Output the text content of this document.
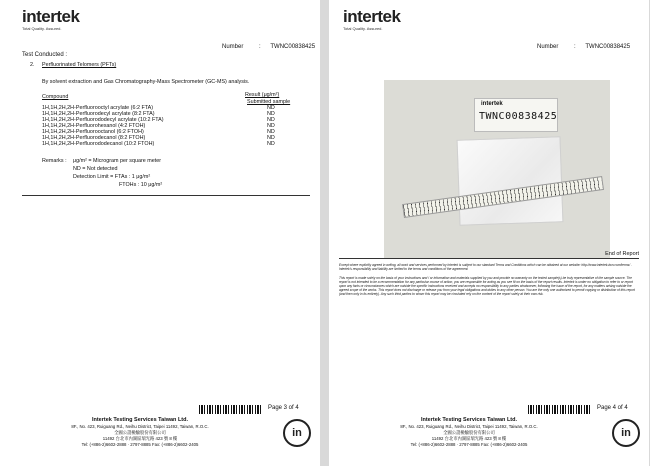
intertek
Total Quality. Assured.
Number	: TWNC00838425
Test Conducted :
2. Perfluorinated Telomers (PFTs)
By solvent extraction and Gas Chromatography-Mass Spectrometer (GC-MS) analysis.
Compound	Result (μg/m²)
Submitted sample
1H,1H,2H,2H-Perfluorooctyl acrylate (6:2 FTA)	ND
1H,1H,2H,2H-Perfluorodecyl acrylate (8:2 FTA)	ND
1H,1H,2H,2H-Perfluorododecyl acrylate (10:2 FTA)	ND
1H,1H,2H,2H-Perfluorohexanol (4:2 FTOH)	ND
1H,1H,2H,2H-Perfluorooctanol (6:2 FTOH)	ND
1H,1H,2H,2H-Perfluorodecanol (8:2 FTOH)	ND
1H,1H,2H,2H-Perfluorododecanol (10:2 FTOH)	ND
Remarks : μg/m² = Microgram per square meter
ND = Not detected
Detection Limit = FTAs : 1 μg/m²
FTOHs : 10 μg/m²
Page 3 of 4
Intertek Testing Services Taiwan Ltd.
8F., No. 423, Ruiguang Rd., Neihu District, Taipei 11492, Taiwan, R.O.C.
全國公證檢驗股份有限公司
11492 台北市內湖區瑞光路 423 號 8 樓
Tel: (+886-2)6602-2888 · 2797-8885 Fax: (+886-2)6602-2405
in
intertek
Total Quality. Assured.
Number	: TWNC00838425
intertek
TWNC00838425
End of Report
Except where explicitly agreed in writing, all work and services performed by Intertek is subject to our standard Terms and Conditions which can be obtained at our website: http://www.intertek-twn.com/terms/ . Intertek's responsibility and liability are limited to the terms and conditions of the agreement.
This report is made solely on the basis of your instructions and / or information and materials supplied by you and provide no warranty on the tested sample(s) be truly representative of the sample source. The report is not intended to be a recommendation for any particular course of action, you are responsible for acting as you see fit on the basis of the report results. Intertek is under no obligation to refer to or report upon any facts or circumstances which are outside the specific instructions received and accepts no responsibility to any parties whatsoever, following the issue of the report, for any matters arising outside the agreed scope of the works. This report does not discharge or release you from your legal obligations and duties to any other person. You are the only one authorized to permit copying or distribution of this report (and then only in its entirety). Any such third parties to whom this report may be circulated rely on the content of the report solely at their own risk.
Page 4 of 4
Intertek Testing Services Taiwan Ltd.
8F., No. 423, Ruiguang Rd., Neihu District, Taipei 11492, Taiwan, R.O.C.
全國公證檢驗股份有限公司
11492 台北市內湖區瑞光路 423 號 8 樓
Tel: (+886-2)6602-2888 · 2797-8885 Fax: (+886-2)6602-2405
in
